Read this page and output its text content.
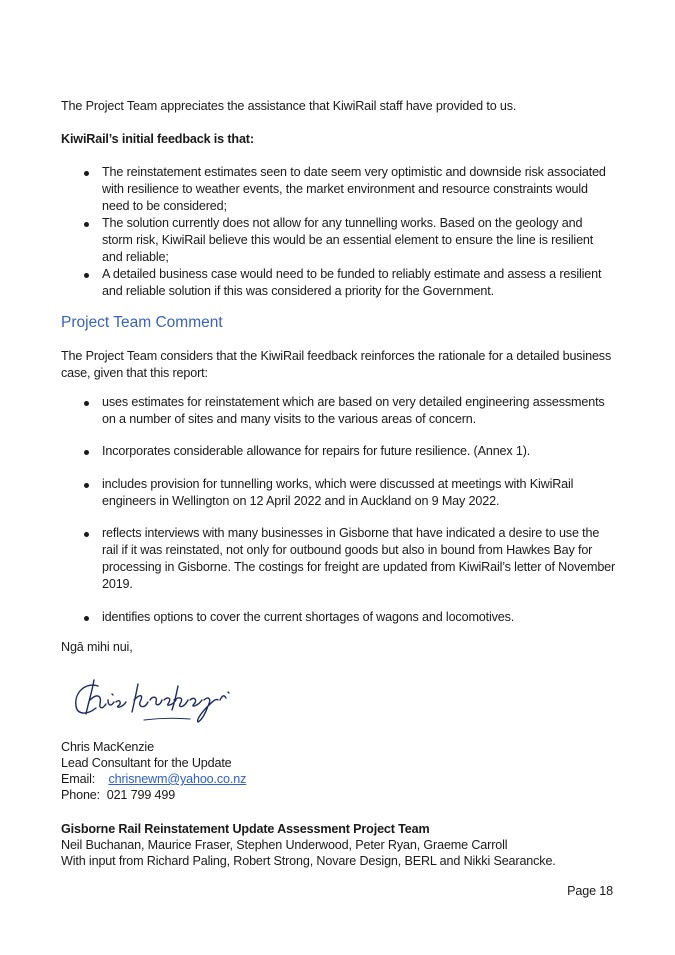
The Project Team appreciates the assistance that KiwiRail staff have provided to us.

KiwiRail’s initial feedback is that:

The reinstatement estimates seen to date seem very optimistic and downside risk associated with resilience to weather events, the market environment and resource constraints would need to be considered;
The solution currently does not allow for any tunnelling works. Based on the geology and storm risk, KiwiRail believe this would be an essential element to ensure the line is resilient and reliable;
A detailed business case would need to be funded to reliably estimate and assess a resilient and reliable solution if this was considered a priority for the Government.
Project Team Comment

The Project Team considers that the KiwiRail feedback reinforces the rationale for a detailed business case, given that this report:

uses estimates for reinstatement which are based on very detailed engineering assessments on a number of sites and many visits to the various areas of concern.
Incorporates considerable allowance for repairs for future resilience. (Annex 1).
includes provision for tunnelling works, which were discussed at meetings with KiwiRail engineers in Wellington on 12 April 2022 and in Auckland on 9 May 2022.
reflects interviews with many businesses in Gisborne that have indicated a desire to use the rail if it was reinstated, not only for outbound goods but also in bound from Hawkes Bay for processing in Gisborne. The costings for freight are updated from KiwiRail’s letter of November 2019.
identifies options to cover the current shortages of wagons and locomotives.

Ngā mihi nui,

Chris MacKenzie
Lead Consultant for the Update
Email: chrisnewm@yahoo.co.nz
Phone: 021 799 499
Gisborne Rail Reinstatement Update Assessment Project Team
Neil Buchanan, Maurice Fraser, Stephen Underwood, Peter Ryan, Graeme Carroll
With input from Richard Paling, Robert Strong, Novare Design, BERL and Nikki Searancke.
Page 18
